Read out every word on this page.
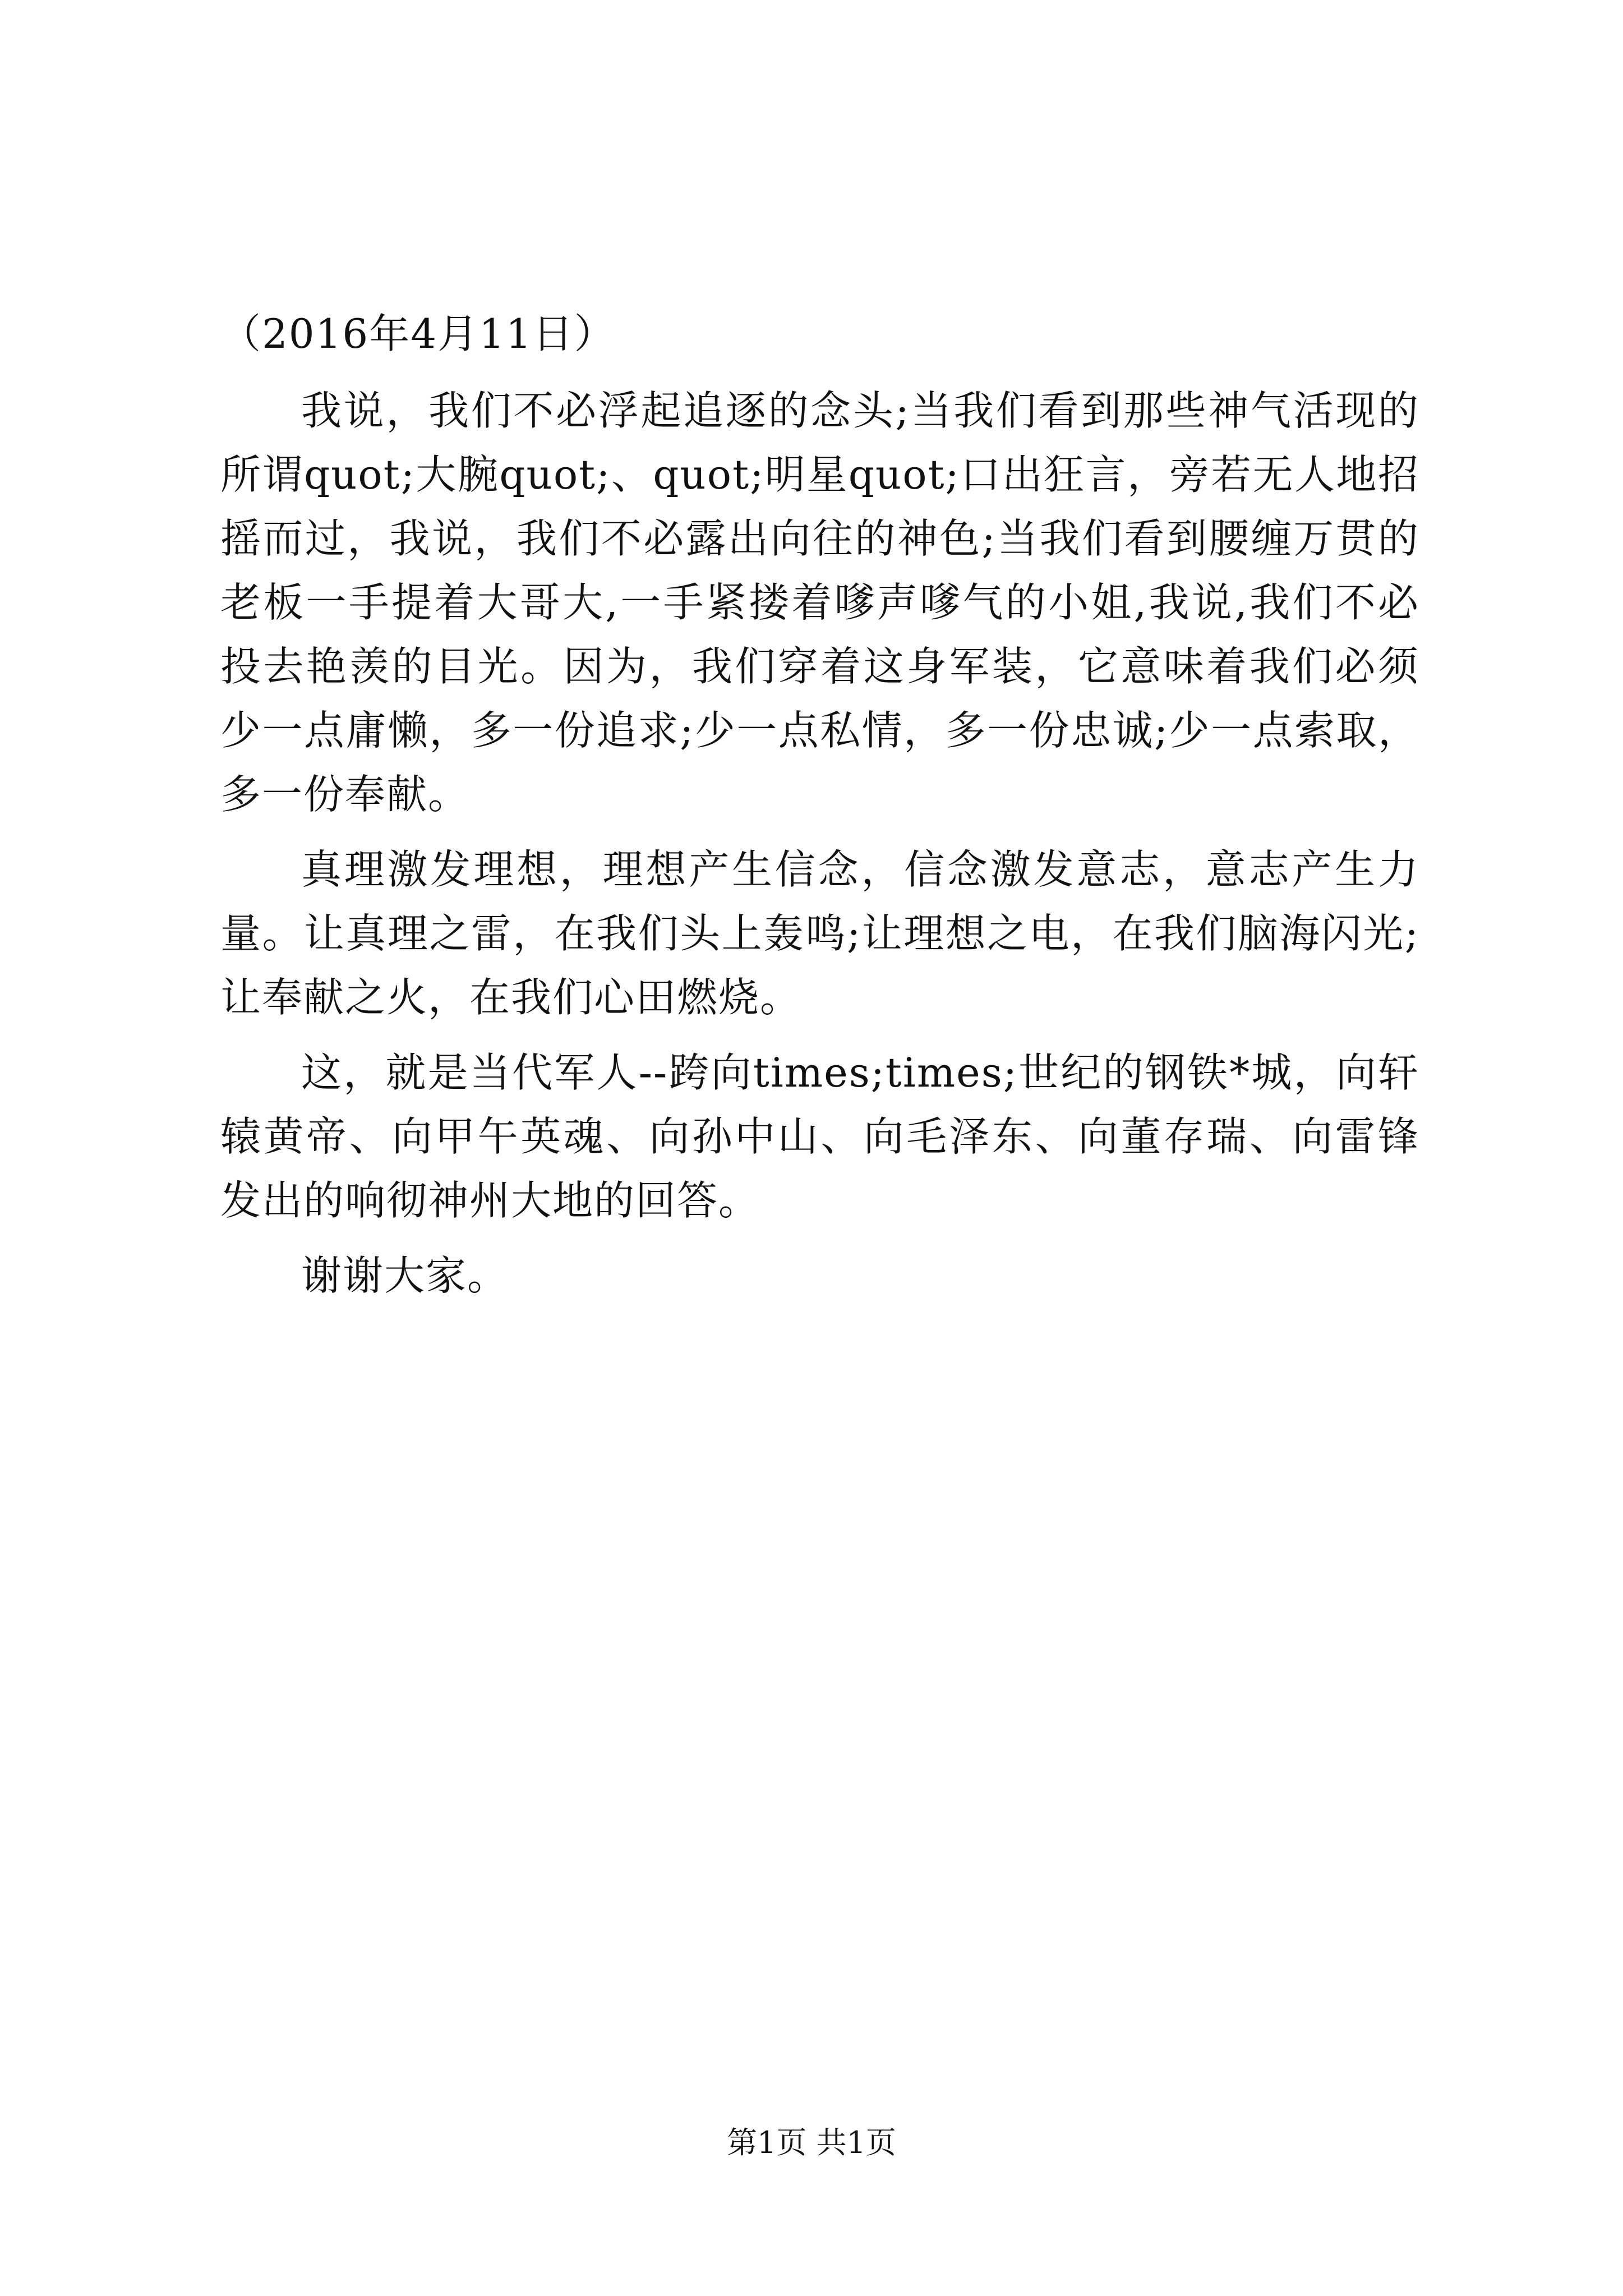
（2016年4月11日）

我说，我们不必浮起追逐的念头;当我们看到那些神气活现的所谓quot;大腕quot;、quot;明星quot;口出狂言，旁若无人地招摇而过，我说，我们不必露出向往的神色;当我们看到腰缠万贯的老板一手提着大哥大,一手紧搂着嗲声嗲气的小姐,我说,我们不必投去艳羡的目光。因为，我们穿着这身军装，它意味着我们必须少一点庸懒，多一份追求;少一点私情，多一份忠诚;少一点索取，多一份奉献。

真理激发理想，理想产生信念，信念激发意志，意志产生力量。让真理之雷，在我们头上轰鸣;让理想之电，在我们脑海闪光;让奉献之火，在我们心田燃烧。

这，就是当代军人--跨向times;times;世纪的钢铁*城，向轩辕黄帝、向甲午英魂、向孙中山、向毛泽东、向董存瑞、向雷锋发出的响彻神州大地的回答。

谢谢大家。

第1页 共1页
